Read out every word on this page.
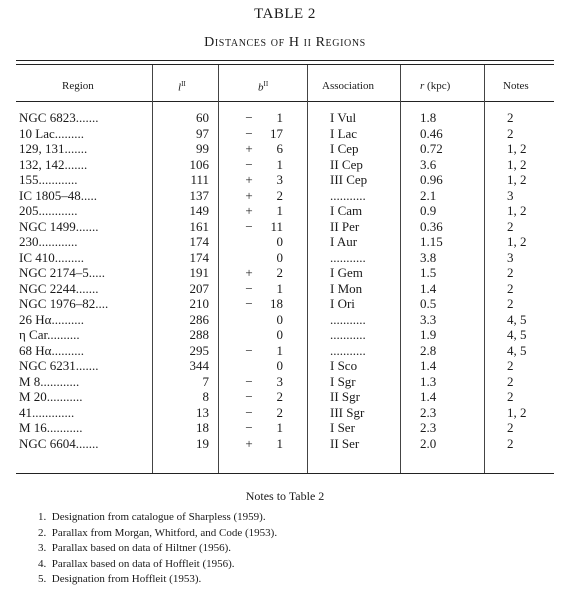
TABLE 2
Distances of H ii Regions
Region	$l^{II}$	$b^{II}$	Association	r (kpc)	Notes
NGC 6823.......	60	−	1	I Vul	1.8	2
10 Lac.........	97	−	17	I Lac	0.46	2
129, 131.......	99	+	6	I Cep	0.72	1, 2
132, 142.......	106	−	1	II Cep	3.6	1, 2
155............	111	+	3	III Cep	0.96	1, 2
IC 1805–48.....	137	+	2	...........	2.1	3
205............	149	+	1	I Cam	0.9	1, 2
NGC 1499.......	161	−	11	II Per	0.36	2
230............	174	0	I Aur	1.15	1, 2
IC 410.........	174	0	...........	3.8	3
NGC 2174–5.....	191	+	2	I Gem	1.5	2
NGC 2244.......	207	−	1	I Mon	1.4	2
NGC 1976–82....	210	−	18	I Ori	0.5	2
26 Hα..........	286	0	...........	3.3	4, 5
η Car..........	288	0	...........	1.9	4, 5
68 Hα..........	295	−	1	...........	2.8	4, 5
NGC 6231.......	344	0	I Sco	1.4	2
M 8............	7	−	3	I Sgr	1.3	2
M 20...........	8	−	2	II Sgr	1.4	2
41.............	13	−	2	III Sgr	2.3	1, 2
M 16...........	18	−	1	I Ser	2.3	2
NGC 6604.......	19	+	1	II Ser	2.0	2
Notes to Table 2
1.  Designation from catalogue of Sharpless (1959).
2.  Parallax from Morgan, Whitford, and Code (1953).
3.  Parallax based on data of Hiltner (1956).
4.  Parallax based on data of Hoffleit (1956).
5.  Designation from Hoffleit (1953).
